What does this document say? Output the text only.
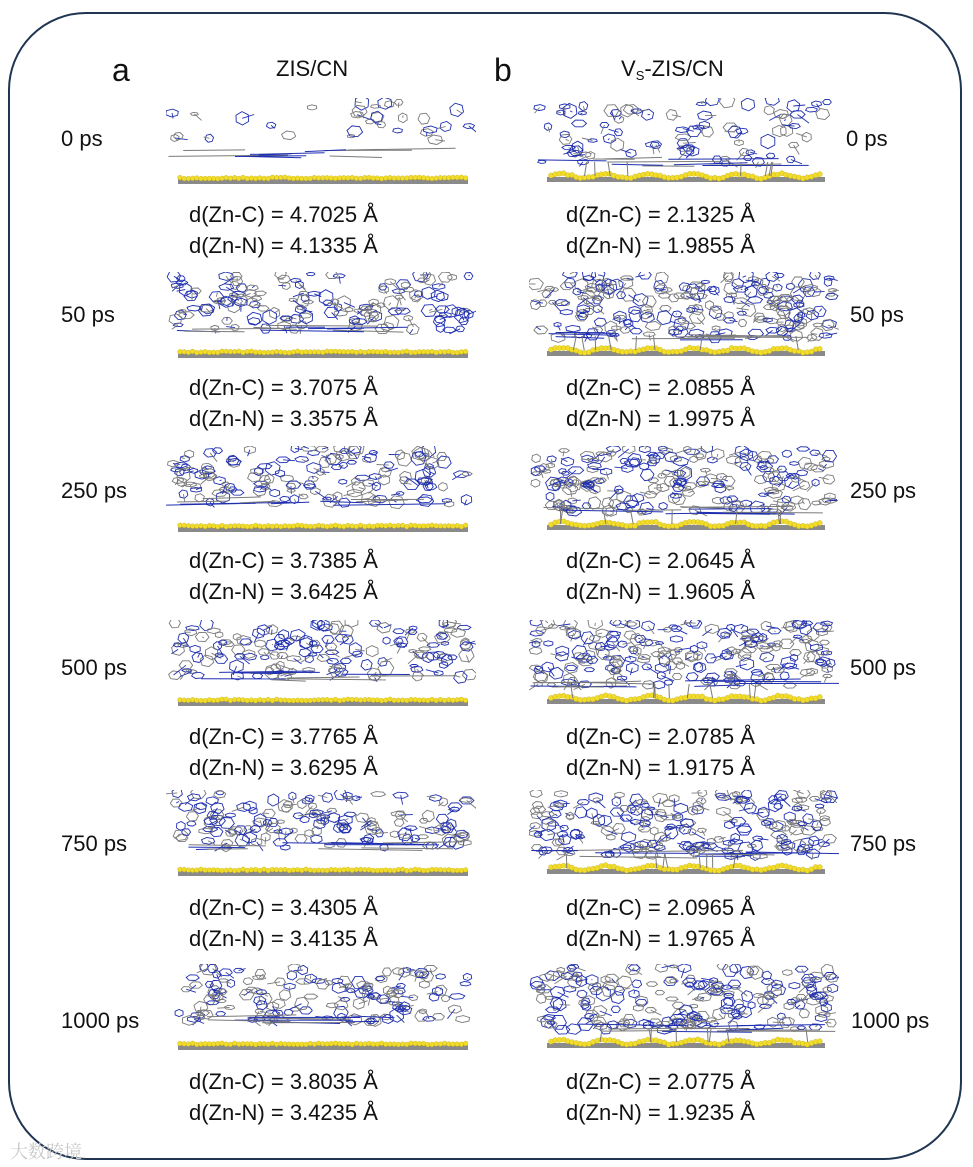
a	ZIS/CN	b	$V_S-ZIS/CN$
0 ps
50 ps
250 ps
500 ps
750 ps
1000 ps
d(Zn-C) = 4.7025 Å
d(Zn-N) = 4.1335 Å
d(Zn-C) = 3.7075 Å
d(Zn-N) = 3.3575 Å
d(Zn-C) = 3.7385 Å
d(Zn-N) = 3.6425 Å
d(Zn-C) = 3.7765 Å
d(Zn-N) = 3.6295 Å
d(Zn-C) = 3.4305 Å
d(Zn-N) = 3.4135 Å
d(Zn-C) = 3.8035 Å
d(Zn-N) = 3.4235 Å
0 ps
50 ps
250 ps
500 ps
750 ps
1000 ps
d(Zn-C) = 2.1325 Å
d(Zn-N) = 1.9855 Å
d(Zn-C) = 2.0855 Å
d(Zn-N) = 1.9975 Å
d(Zn-C) = 2.0645 Å
d(Zn-N) = 1.9605 Å
d(Zn-C) = 2.0785 Å
d(Zn-N) = 1.9175 Å
d(Zn-C) = 2.0965 Å
d(Zn-N) = 1.9765 Å
d(Zn-C) = 2.0775 Å
d(Zn-N) = 1.9235 Å
大数跨境
